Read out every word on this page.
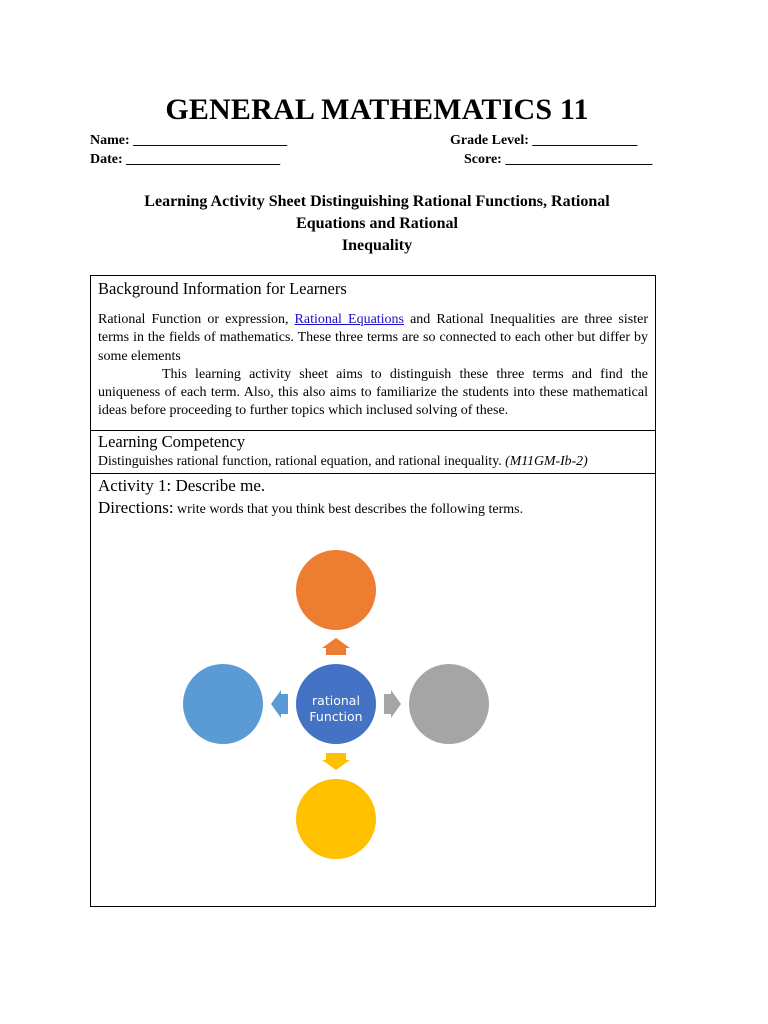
GENERAL MATHEMATICS 11
Name: ______________________	Grade Level: _______________
Date: ______________________	Score: _____________________
Learning Activity Sheet Distinguishing Rational Functions, Rational
Equations and Rational
Inequality
Background Information for Learners
Rational Function or expression, Rational Equations and Rational Inequalities are three sister terms in the fields of mathematics. These three terms are so connected to each other but differ by some elements
This learning activity sheet aims to distinguish these three terms and find the uniqueness of each term. Also, this also aims to familiarize the students into these mathematical ideas before proceeding to further topics which inclused solving of these.
Learning Competency
Distinguishes rational function, rational equation, and rational inequality. (M11GM-Ib-2)
Activity 1: Describe me.
Directions: write words that you think best describes the following terms.
rational
Function
